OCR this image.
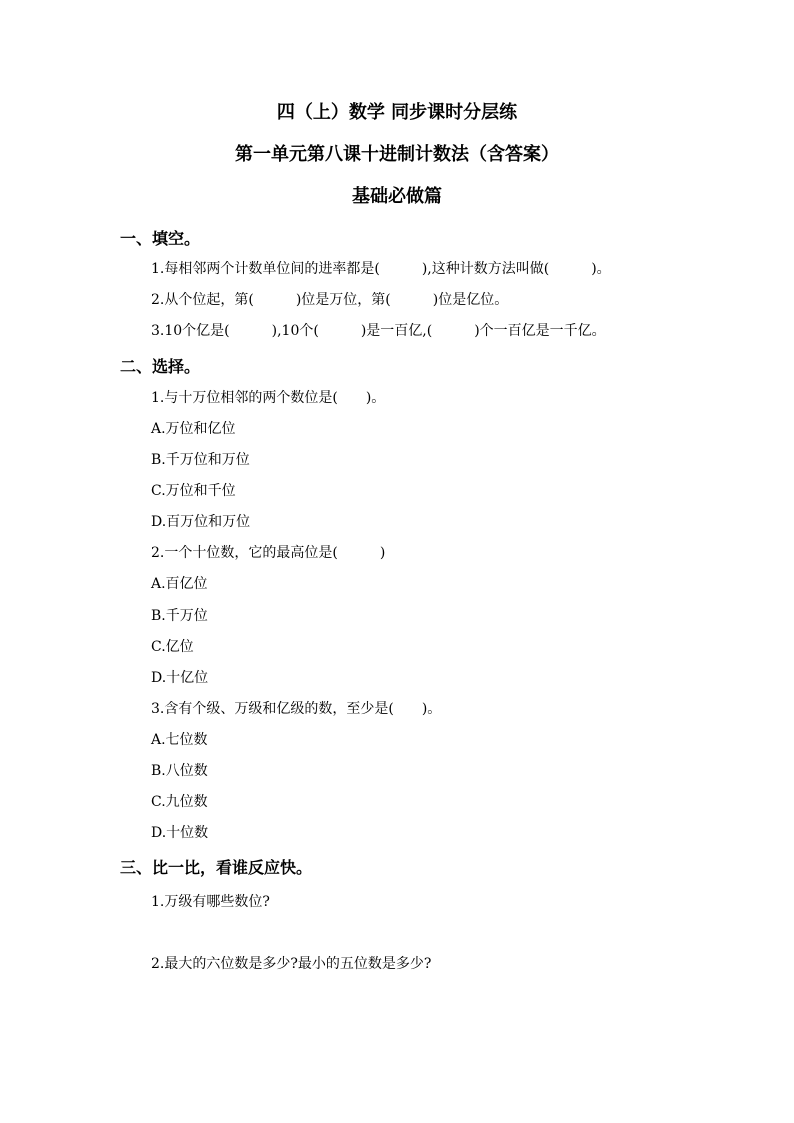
四（上）数学 同步课时分层练
第一单元第八课十进制计数法（含答案）
基础必做篇
一、填空。
1.每相邻两个计数单位间的进率都是(　　　),这种计数方法叫做(　　　)。
2.从个位起，第(　　　)位是万位，第(　　　)位是亿位。
3.10个亿是(　　　),10个(　　　)是一百亿,(　　　)个一百亿是一千亿。
二、选择。
1.与十万位相邻的两个数位是(　　)。
A.万位和亿位
B.千万位和万位
C.万位和千位
D.百万位和万位
2.一个十位数，它的最高位是(　　　)
A.百亿位
B.千万位
C.亿位
D.十亿位
3.含有个级、万级和亿级的数，至少是(　　)。
A.七位数
B.八位数
C.九位数
D.十位数
三、比一比，看谁反应快。
1.万级有哪些数位?
2.最大的六位数是多少?最小的五位数是多少?
